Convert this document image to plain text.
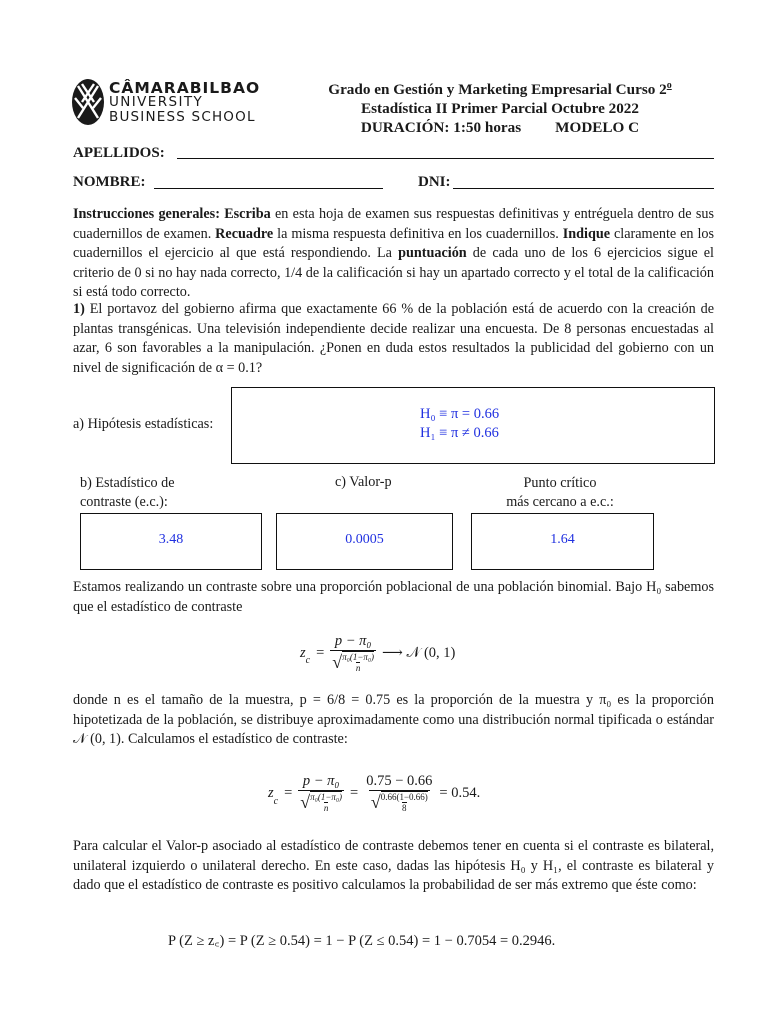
CÂMARABILBAO
UNIVERSITY
BUSINESS SCHOOL
Grado en Gestión y Marketing Empresarial Curso 2$^o$
Estadística II Primer Parcial Octubre 2022
DURACIÓN: 1:50 horas MODELO C
APELLIDOS:
NOMBRE:	DNI:
Instrucciones generales: Escriba en esta hoja de examen sus respuestas definitivas y entréguela dentro de sus cuadernillos de examen. Recuadre la misma respuesta definitiva en los cuadernillos. Indique claramente en los cuadernillos el ejercicio al que está respondiendo. La puntuación de cada uno de los 6 ejercicios sigue el criterio de 0 si no hay nada correcto, 1/4 de la calificación si hay un apartado correcto y el total de la calificación si está todo correcto.
1) El portavoz del gobierno afirma que exactamente 66 % de la población está de acuerdo con la creación de plantas transgénicas. Una televisión independiente decide realizar una encuesta. De 8 personas encuestadas al azar, 6 son favorables a la manipulación. ¿Ponen en duda estos resultados la publicidad del gobierno con un nivel de significación de α = 0.1?
a) Hipótesis estadísticas:
H₀ ≡ π = 0.66
H₁ ≡ π ≠ 0.66
b) Estadístico de
contraste (e.c.):
c) Valor-p	Punto crítico
más cercano a e.c.:
3.48	0.0005	1.64
Estamos realizando un contraste sobre una proporción poblacional de una población binomial. Bajo H₀ sabemos que el estadístico de contraste
z c = p − π₀
√ π₀(1−π₀)
n ⟶ 𝒩 (0, 1)
donde n es el tamaño de la muestra, p = 6/8 = 0.75 es la proporción de la muestra y π₀ es la proporción hipotetizada de la población, se distribuye aproximadamente como una distribución normal tipificada o estándar 𝒩 (0, 1). Calculamos el estadístico de contraste:
z
c
= p − π₀
√ π₀(1−π₀)
n = 0.75 − 0.66
√ 0.66(1−0.66)
8 = 0.54.
Para calcular el Valor-p asociado al estadístico de contraste debemos tener en cuenta si el contraste es bilateral, unilateral izquierdo o unilateral derecho. En este caso, dadas las hipótesis H₀ y H₁, el contraste es bilateral y dado que el estadístico de contraste es positivo calculamos la probabilidad de ser más extremo que éste como:
P (Z ≥ z꜀) = P (Z ≥ 0.54) = 1 − P (Z ≤ 0.54) = 1 − 0.7054 = 0.2946.
